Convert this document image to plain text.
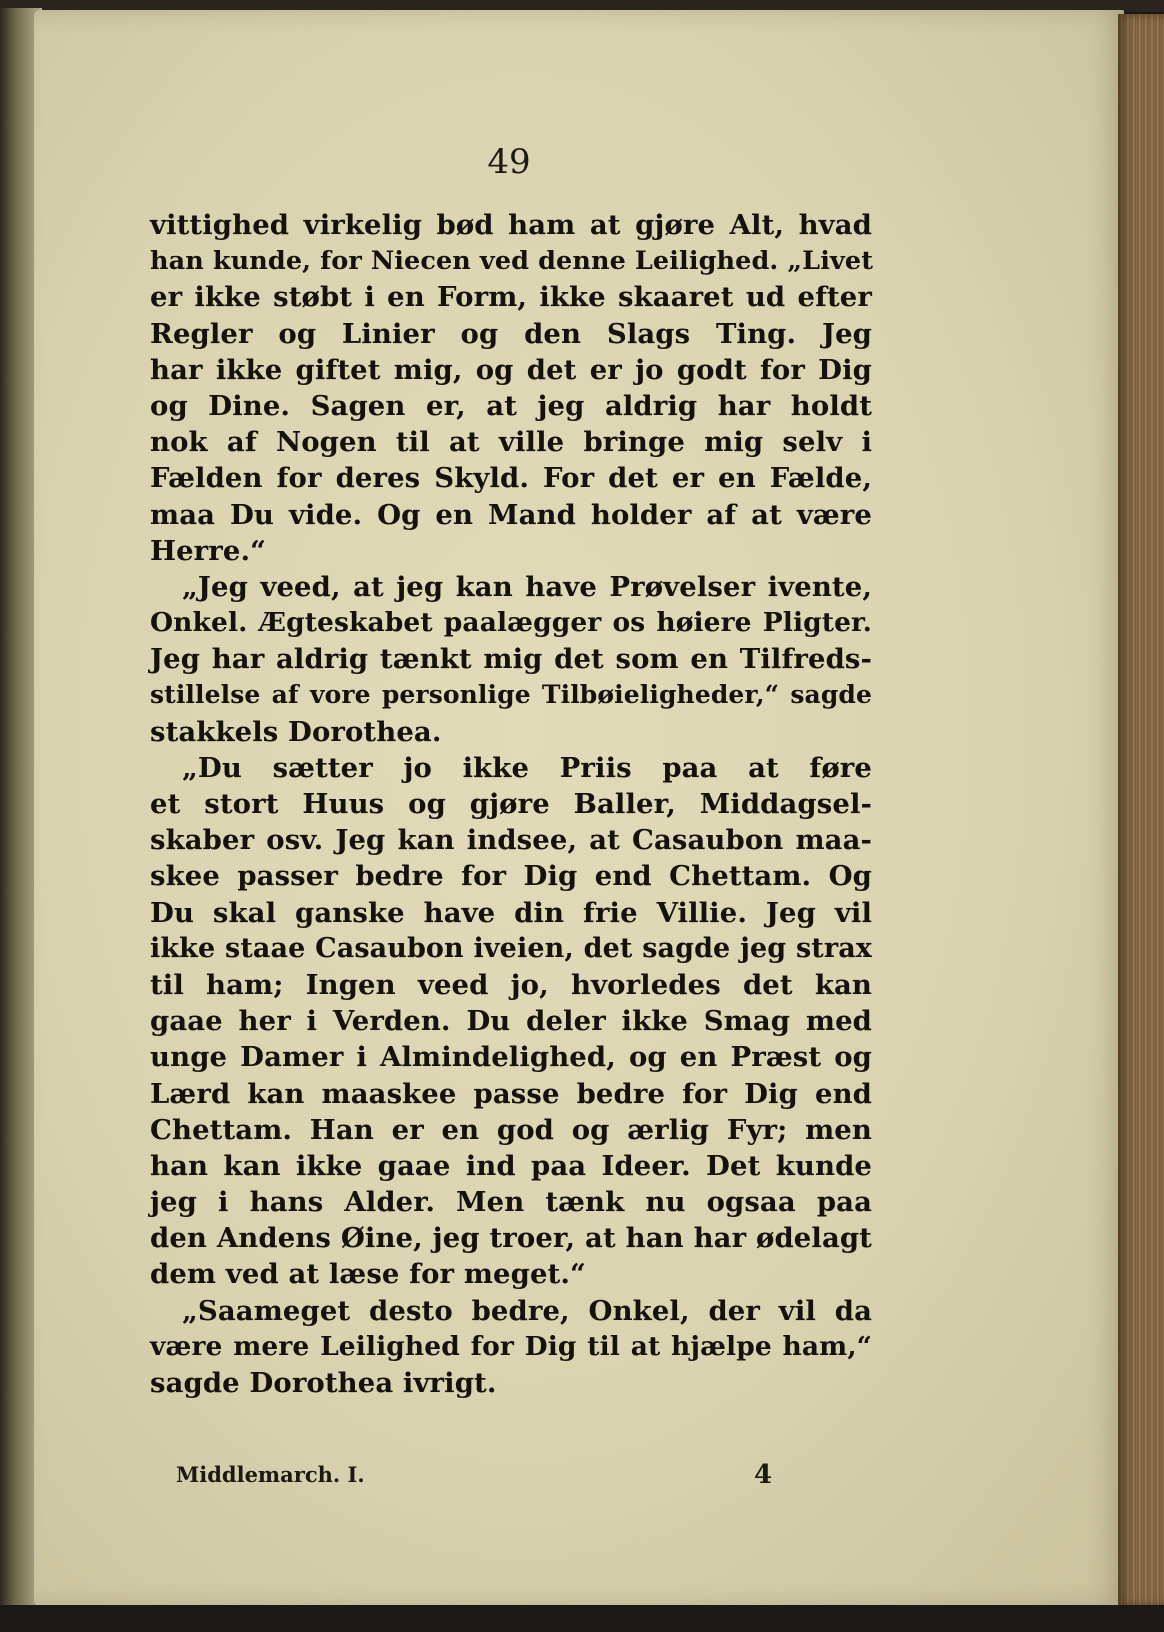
49
vittighed virkelig bød ham at gjøre Alt, hvad
han kunde, for Niecen ved denne Leilighed. „Livet
er ikke støbt i en Form, ikke skaaret ud efter
Regler og Linier og den Slags Ting. Jeg
har ikke giftet mig, og det er jo godt for Dig
og Dine. Sagen er, at jeg aldrig har holdt
nok af Nogen til at ville bringe mig selv i
Fælden for deres Skyld. For det er en Fælde,
maa Du vide. Og en Mand holder af at være
Herre.“
„Jeg veed, at jeg kan have Prøvelser ivente,
Onkel. Ægteskabet paalægger os høiere Pligter.
Jeg har aldrig tænkt mig det som en Tilfreds-
stillelse af vore personlige Tilbøieligheder,“ sagde
stakkels Dorothea.
„Du sætter jo ikke Priis paa at føre
et stort Huus og gjøre Baller, Middagsel-
skaber osv. Jeg kan indsee, at Casaubon maa-
skee passer bedre for Dig end Chettam. Og
Du skal ganske have din frie Villie. Jeg vil
ikke staae Casaubon iveien, det sagde jeg strax
til ham; Ingen veed jo, hvorledes det kan
gaae her i Verden. Du deler ikke Smag med
unge Damer i Almindelighed, og en Præst og
Lærd kan maaskee passe bedre for Dig end
Chettam. Han er en god og ærlig Fyr; men
han kan ikke gaae ind paa Ideer. Det kunde
jeg i hans Alder. Men tænk nu ogsaa paa
den Andens Øine, jeg troer, at han har ødelagt
dem ved at læse for meget.“
„Saameget desto bedre, Onkel, der vil da
være mere Leilighed for Dig til at hjælpe ham,“
sagde Dorothea ivrigt.
Middlemarch. I.	4
